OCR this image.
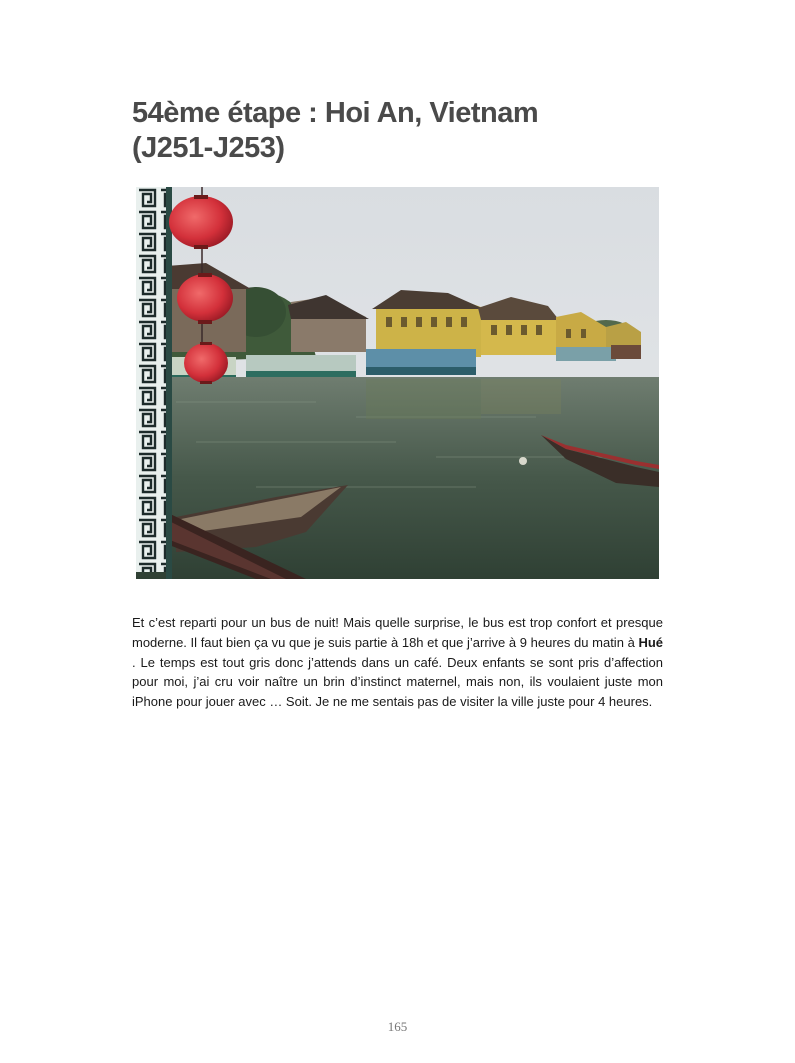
54ème étape : Hoi An, Vietnam
(J251-J253)

Et c’est reparti pour un bus de nuit! Mais quelle surprise, le bus est trop confort et presque moderne. Il faut bien ça vu que je suis partie à 18h et que j’arrive à 9 heures du matin à Hué . Le temps est tout gris donc j’attends dans un café. Deux enfants se sont pris d’affection pour moi, j’ai cru voir naître un brin d’instinct maternel, mais non, ils voulaient juste mon iPhone pour jouer avec … Soit. Je ne me sentais pas de visiter la ville juste pour 4 heures.

165
